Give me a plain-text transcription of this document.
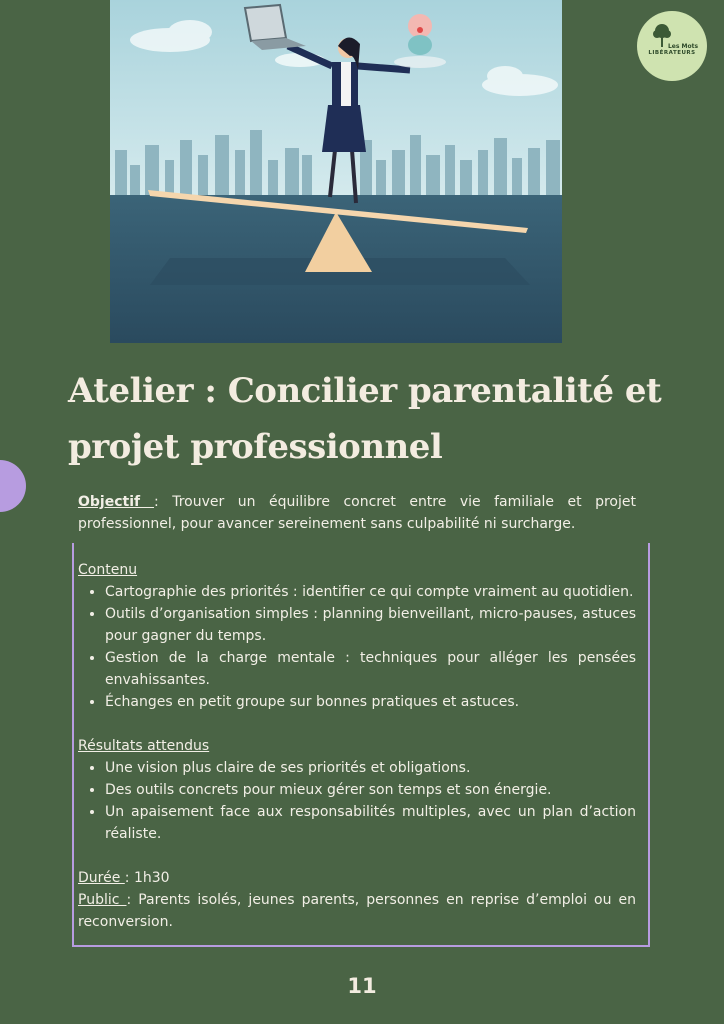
Les Mots
LIBÉRATEURS
Atelier : Concilier parentalité et
projet professionnel

Objectif : Trouver un équilibre concret entre vie familiale et projet professionnel, pour avancer sereinement sans culpabilité ni surcharge.

Contenu
• Cartographie des priorités : identifier ce qui compte vraiment au quotidien.
• Outils d’organisation simples : planning bienveillant, micro-pauses, astuces pour gagner du temps.
• Gestion de la charge mentale : techniques pour alléger les pensées envahissantes.
• Échanges en petit groupe sur bonnes pratiques et astuces.
Résultats attendus
• Une vision plus claire de ses priorités et obligations.
• Des outils concrets pour mieux gérer son temps et son énergie.
• Un apaisement face aux responsabilités multiples, avec un plan d’action réaliste.
Durée : 1h30
Public : Parents isolés, jeunes parents, personnes en reprise d’emploi ou en reconversion.
11
